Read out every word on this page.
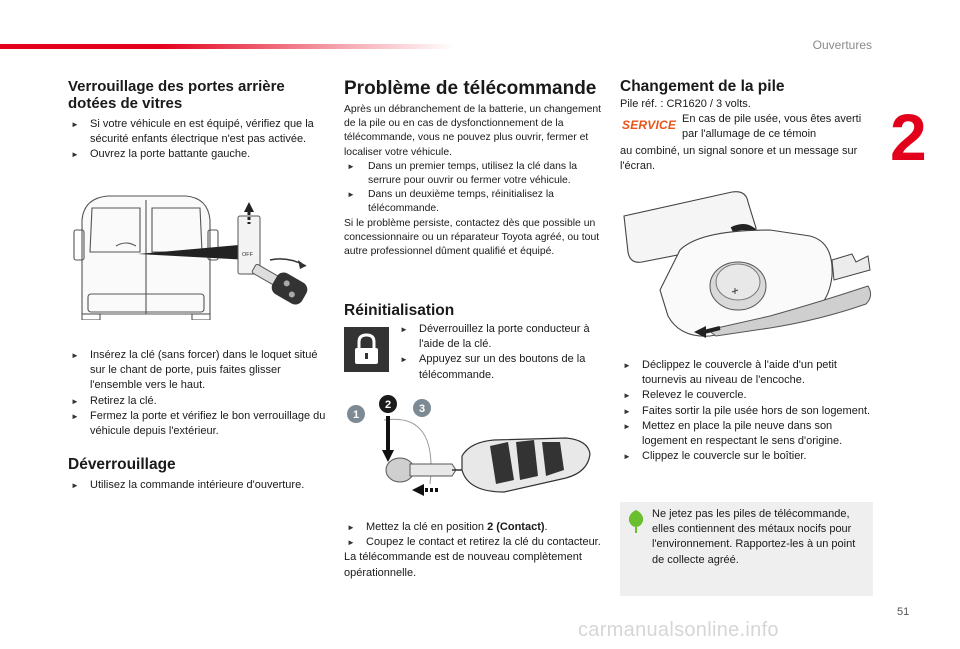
Ouvertures
2
51
carmanualsonline.info
Verrouillage des portes arrière
dotées de vitres
► Si votre véhicule en est équipé, vérifiez que la sécurité enfants électrique n'est pas activée.
► Ouvrez la porte battante gauche.
OFF
► Insérez la clé (sans forcer) dans le loquet situé sur le chant de porte, puis faites glisser l'ensemble vers le haut.
► Retirez la clé.
► Fermez la porte et vérifiez le bon verrouillage du véhicule depuis l'extérieur.
Déverrouillage
► Utilisez la commande intérieure d'ouverture.
Problème de télécommande
Après un débranchement de la batterie, un changement de la pile ou en cas de dysfonctionnement de la télécommande, vous ne pouvez plus ouvrir, fermer et localiser votre véhicule.
► Dans un premier temps, utilisez la clé dans la serrure pour ouvrir ou fermer votre véhicule.
► Dans un deuxième temps, réinitialisez la télécommande.
Si le problème persiste, contactez dès que possible un concessionnaire ou un réparateur Toyota agréé, ou tout autre professionnel dûment qualifié et équipé.
Réinitialisation
► Déverrouillez la porte conducteur à l'aide de la clé.
► Appuyez sur un des boutons de la télécommande.
1
2	3
► Mettez la clé en position 2 (Contact).
► Coupez le contact et retirez la clé du contacteur.
La télécommande est de nouveau complètement opérationnelle.
Changement de la pile
Pile réf. : CR1620 / 3 volts.
SERVICE En cas de pile usée, vous êtes averti par l'allumage de ce témoin
au combiné, un signal sonore et un message sur l'écran.
► Déclippez le couvercle à l'aide d'un petit tournevis au niveau de l'encoche.
► Relevez le couvercle.
► Faites sortir la pile usée hors de son logement.
► Mettez en place la pile neuve dans son logement en respectant le sens d'origine.
► Clippez le couvercle sur le boîtier.
Ne jetez pas les piles de télécommande, elles contiennent des métaux nocifs pour l'environnement. Rapportez-les à un point de collecte agréé.
